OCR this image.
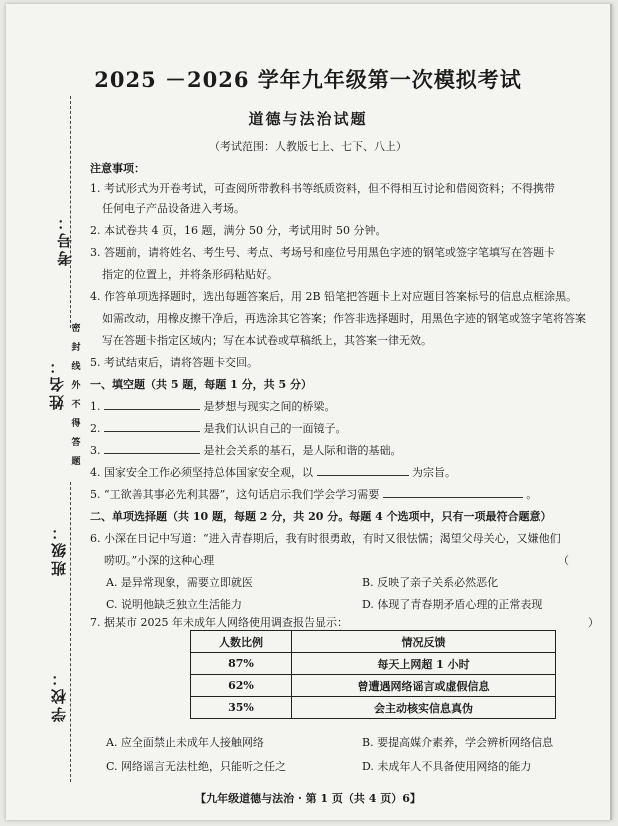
考号：
姓名：
班级：
学校：
密
封
线
外
不
得
答
题
2025 －2026 学年九年级第一次模拟考试
道德与法治试题
（考试范围：人教版七上、七下、八上）
注意事项：
1. 考试形式为开卷考试，可查阅所带教科书等纸质资料，但不得相互讨论和借阅资料；不得携带
任何电子产品设备进入考场。
2. 本试卷共 4 页，16 题，满分 50 分，考试用时 50 分钟。
3. 答题前，请将姓名、考生号、考点、考场号和座位号用黑色字迹的钢笔或签字笔填写在答题卡
指定的位置上，并将条形码粘贴好。
4. 作答单项选择题时，选出每题答案后，用 2B 铅笔把答题卡上对应题目答案标号的信息点框涂黑。
如需改动，用橡皮擦干净后，再选涂其它答案；作答非选择题时，用黑色字迹的钢笔或签字笔将答案
写在答题卡指定区域内；写在本试卷或草稿纸上，其答案一律无效。
5. 考试结束后，请将答题卡交回。
一、填空题（共 5 题，每题 1 分，共 5 分）
1.	是梦想与现实之间的桥梁。
2.	是我们认识自己的一面镜子。
3.	是社会关系的基石，是人际和谐的基础。
4. 国家安全工作必须坚持总体国家安全观，以	为宗旨。
5. “工欲善其事必先利其器”，这句话启示我们学会学习需要	。
二、单项选择题（共 10 题，每题 2 分，共 20 分。每题 4 个选项中，只有一项最符合题意）
6. 小深在日记中写道：“进入青春期后，我有时很勇敢，有时又很怯懦；渴望父母关心，又嫌他们
唠叨。”小深的这种心理	（
A. 是异常现象，需要立即就医	B. 反映了亲子关系必然恶化
C. 说明他缺乏独立生活能力	D. 体现了青春期矛盾心理的正常表现
7. 据某市 2025 年未成年人网络使用调查报告显示：	）
人数比例	情况反馈
87%	每天上网超 1 小时
62%	曾遭遇网络谣言或虚假信息
35%	会主动核实信息真伪
A. 应全面禁止未成年人接触网络	B. 要提高媒介素养，学会辨析网络信息
C. 网络谣言无法杜绝，只能听之任之	D. 未成年人不具备使用网络的能力
【九年级道德与法治 · 第 1 页（共 4 页）6】
